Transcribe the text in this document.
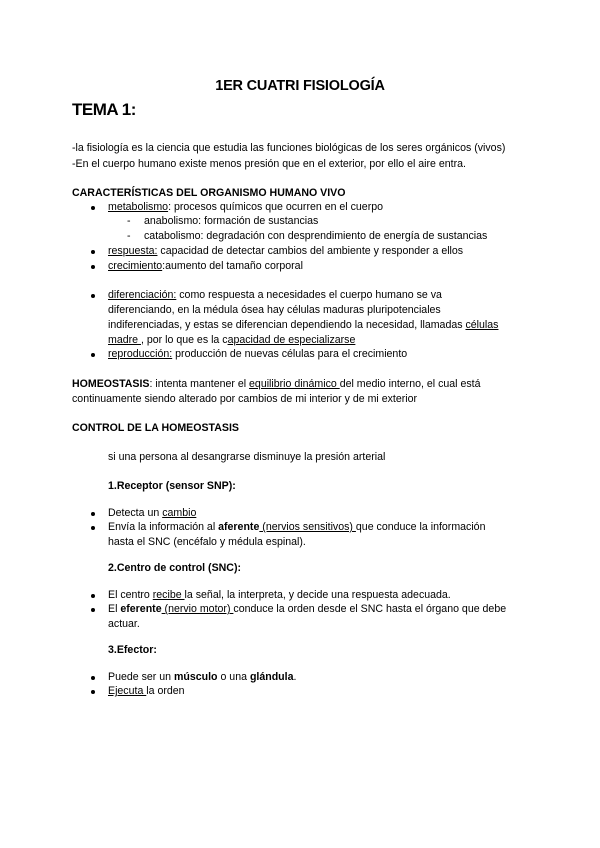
1ER CUATRI FISIOLOGÍA
TEMA 1:
-la fisiología es la ciencia que estudia las funciones biológicas de los seres orgánicos (vivos)
-En el cuerpo humano existe menos presión que en el exterior, por ello el aire entra.
CARACTERÍSTICAS DEL ORGANISMO HUMANO VIVO
metabolismo: procesos químicos que ocurren en el cuerpo
- anabolismo: formación de sustancias
- catabolismo: degradación con desprendimiento de energía de sustancias
respuesta: capacidad de detectar cambios del ambiente y responder a ellos
crecimiento:aumento del tamaño corporal
diferenciación: como respuesta a necesidades el cuerpo humano se va
diferenciando, en la médula ósea hay células maduras pluripotenciales
indiferenciadas, y estas se diferencian dependiendo la necesidad, llamadas células
madre , por lo que es la capacidad de especializarse
reproducción: producción de nuevas células para el crecimiento
HOMEOSTASIS: intenta mantener el equilibrio dinámico del medio interno, el cual está
continuamente siendo alterado por cambios de mi interior y de mi exterior
CONTROL DE LA HOMEOSTASIS
si una persona al desangrarse disminuye la presión arterial
1.Receptor (sensor SNP):
Detecta un cambio
Envía la información al aferente (nervios sensitivos) que conduce la información
hasta el SNC (encéfalo y médula espinal).
2.Centro de control (SNC):
El centro recibe la señal, la interpreta, y decide una respuesta adecuada.
El eferente (nervio motor) conduce la orden desde el SNC hasta el órgano que debe
actuar.
3.Efector:
Puede ser un músculo o una glándula.
Ejecuta la orden
